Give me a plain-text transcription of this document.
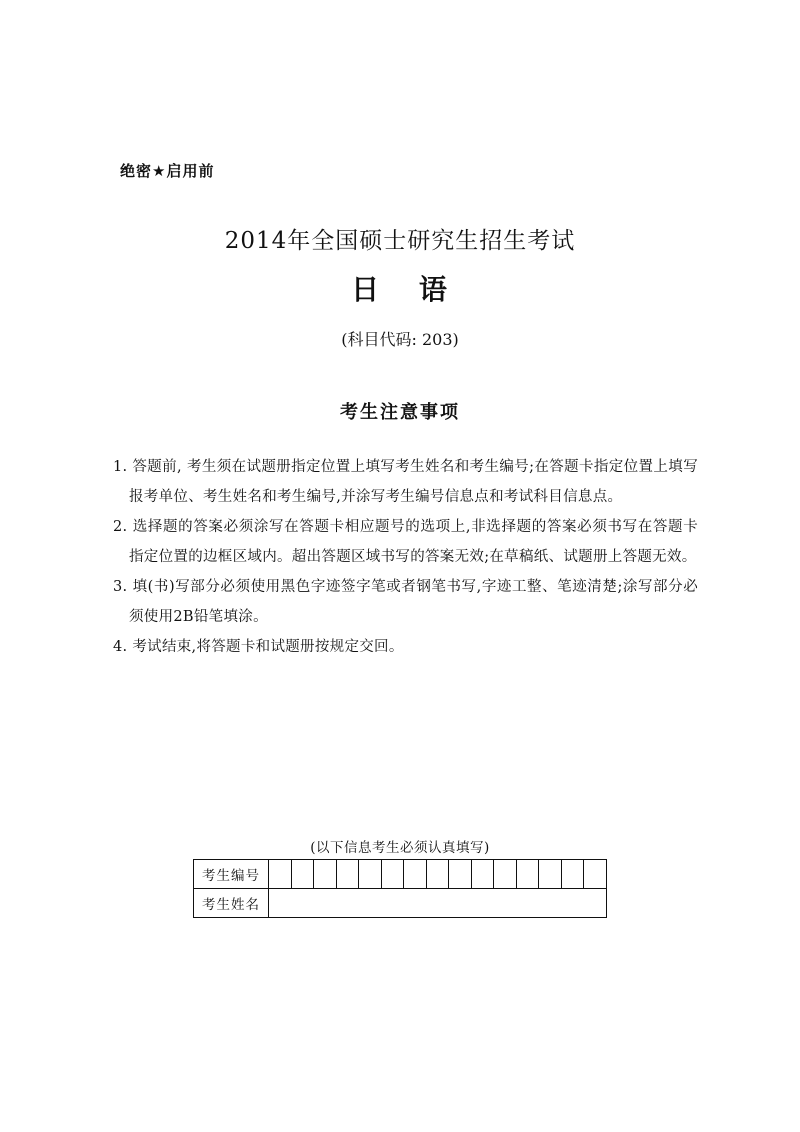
绝密★启用前
2014年全国硕士研究生招生考试
日 语
(科目代码: 203)
考生注意事项
1. 答题前, 考生须在试题册指定位置上填写考生姓名和考生编号;在答题卡指定位置上填写报考单位、考生姓名和考生编号,并涂写考生编号信息点和考试科目信息点。
2. 选择题的答案必须涂写在答题卡相应题号的选项上,非选择题的答案必须书写在答题卡指定位置的边框区域内。超出答题区域书写的答案无效;在草稿纸、试题册上答题无效。
3. 填(书)写部分必须使用黑色字迹签字笔或者钢笔书写,字迹工整、笔迹清楚;涂写部分必须使用2B铅笔填涂。
4. 考试结束,将答题卡和试题册按规定交回。
(以下信息考生必须认真填写)
考生编号															
考生姓名															
